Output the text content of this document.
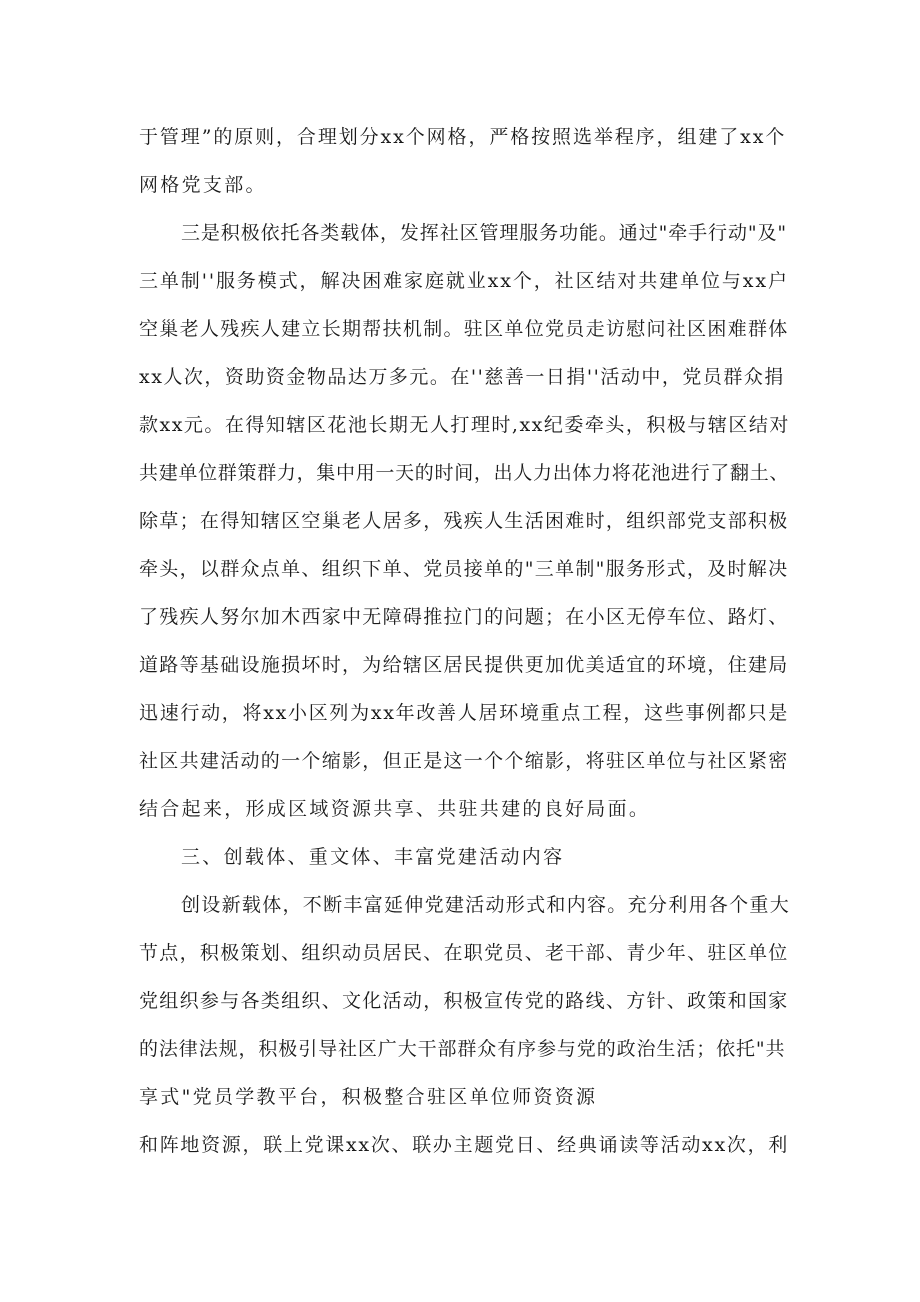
于管理”的原则，合理划分xx个网格，严格按照选举程序，组建了xx个
网格党支部。
三是积极依托各类载体，发挥社区管理服务功能。通过"牵手行动"及"
三单制''服务模式，解决困难家庭就业xx个，社区结对共建单位与xx户
空巢老人残疾人建立长期帮扶机制。驻区单位党员走访慰问社区困难群体
xx人次，资助资金物品达万多元。在''慈善一日捐''活动中，党员群众捐
款xx元。在得知辖区花池长期无人打理时,xx纪委牵头，积极与辖区结对
共建单位群策群力，集中用一天的时间，出人力出体力将花池进行了翻土、
除草；在得知辖区空巢老人居多，残疾人生活困难时，组织部党支部积极
牵头，以群众点单、组织下单、党员接单的"三单制"服务形式，及时解决
了残疾人努尔加木西家中无障碍推拉门的问题；在小区无停车位、路灯、
道路等基础设施损坏时，为给辖区居民提供更加优美适宜的环境，住建局
迅速行动，将xx小区列为xx年改善人居环境重点工程，这些事例都只是
社区共建活动的一个缩影，但正是这一个个缩影，将驻区单位与社区紧密
结合起来，形成区域资源共享、共驻共建的良好局面。
三、创载体、重文体、丰富党建活动内容
创设新载体，不断丰富延伸党建活动形式和内容。充分利用各个重大
节点，积极策划、组织动员居民、在职党员、老干部、青少年、驻区单位
党组织参与各类组织、文化活动，积极宣传党的路线、方针、政策和国家
的法律法规，积极引导社区广大干部群众有序参与党的政治生活；依托"共
享式"党员学教平台，积极整合驻区单位师资资源
和阵地资源，联上党课xx次、联办主题党日、经典诵读等活动xx次，利
